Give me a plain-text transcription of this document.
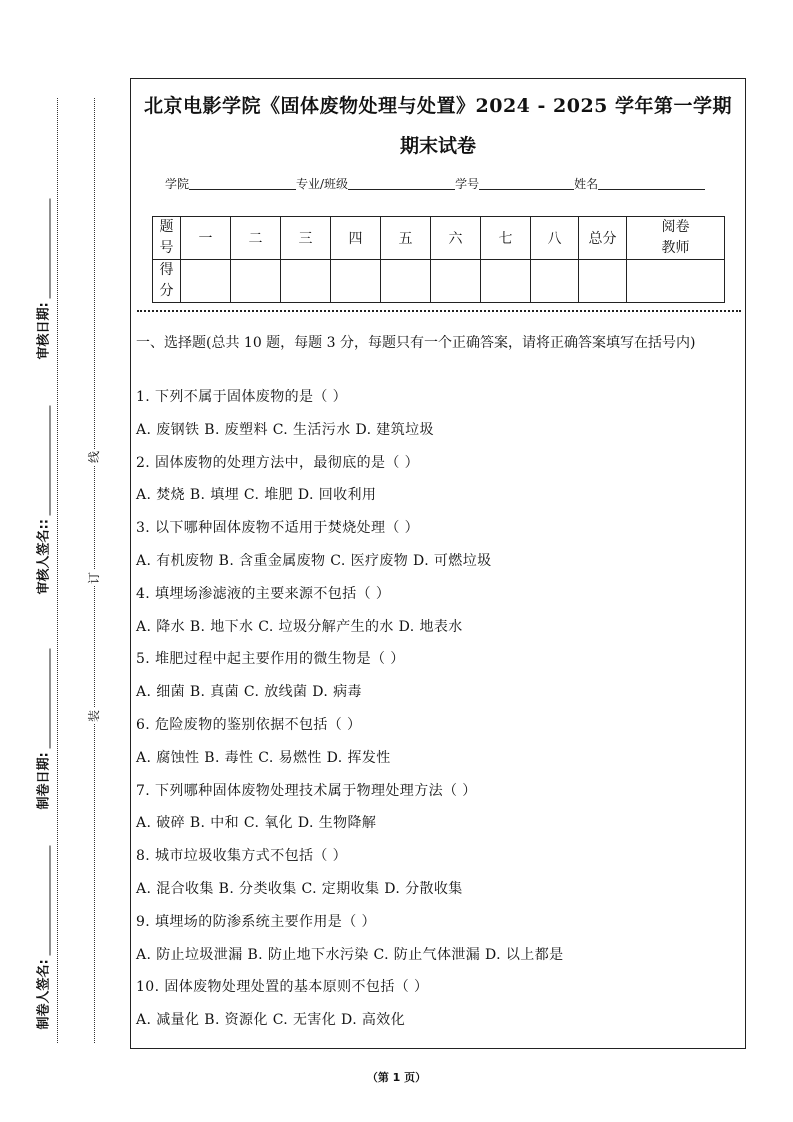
审核日期:
审核人签名::
制卷日期:
制卷人签名:
线
订
装
北京电影学院《固体废物处理与处置》2024 - 2025 学年第一学期
期末试卷
学院	专业/班级	学号	姓名
题
号	一	二	三	四	五	六	七	八	总分	阅卷
教师
得
分										
一、选择题(总共 10 题，每题 3 分，每题只有一个正确答案，请将正确答案填写在括号内)
1. 下列不属于固体废物的是（ ）
A. 废钢铁 B. 废塑料 C. 生活污水 D. 建筑垃圾
2. 固体废物的处理方法中，最彻底的是（ ）
A. 焚烧 B. 填埋 C. 堆肥 D. 回收利用
3. 以下哪种固体废物不适用于焚烧处理（ ）
A. 有机废物 B. 含重金属废物 C. 医疗废物 D. 可燃垃圾
4. 填埋场渗滤液的主要来源不包括（ ）
A. 降水 B. 地下水 C. 垃圾分解产生的水 D. 地表水
5. 堆肥过程中起主要作用的微生物是（ ）
A. 细菌 B. 真菌 C. 放线菌 D. 病毒
6. 危险废物的鉴别依据不包括（ ）
A. 腐蚀性 B. 毒性 C. 易燃性 D. 挥发性
7. 下列哪种固体废物处理技术属于物理处理方法（ ）
A. 破碎 B. 中和 C. 氧化 D. 生物降解
8. 城市垃圾收集方式不包括（ ）
A. 混合收集 B. 分类收集 C. 定期收集 D. 分散收集
9. 填埋场的防渗系统主要作用是（ ）
A. 防止垃圾泄漏 B. 防止地下水污染 C. 防止气体泄漏 D. 以上都是
10. 固体废物处理处置的基本原则不包括（ ）
A. 减量化 B. 资源化 C. 无害化 D. 高效化
（第 1 页）
